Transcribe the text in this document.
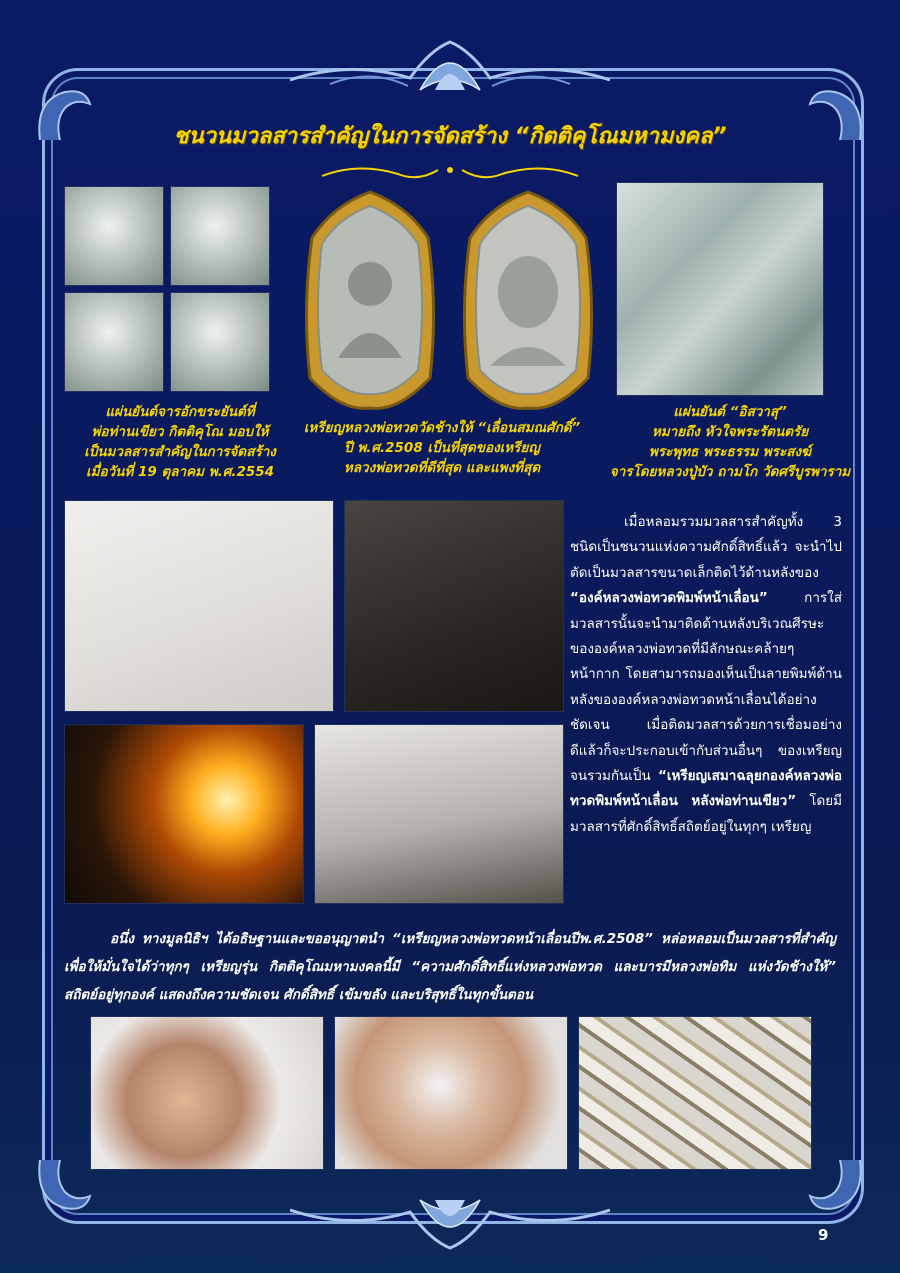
ชนวนมวลสารสำคัญในการจัดสร้าง “กิตติคุโณมหามงคล”
แผ่นยันต์จารอักขระยันต์ที่
พ่อท่านเขียว กิตติคุโณ มอบให้
เป็นมวลสารสำคัญในการจัดสร้าง
เมื่อวันที่ 19 ตุลาคม พ.ศ.2554
เหรียญหลวงพ่อทวดวัดช้างให้ “เลื่อนสมณศักดิ์”
ปี พ.ศ.2508 เป็นที่สุดของเหรียญ
หลวงพ่อทวดที่ดีที่สุด และแพงที่สุด
แผ่นยันต์ “อิสวาสุ”
หมายถึง หัวใจพระรัตนตรัย
พระพุทธ พระธรรม พระสงฆ์
จารโดยหลวงปู่บัว ถามโก วัดศรีบูรพาราม
เมื่อหลอมรวมมวลสารสำคัญทั้ง 3 ชนิดเป็นชนวนแห่งความศักดิ์สิทธิ์แล้ว จะนำไปตัดเป็นมวลสารขนาดเล็กติดไว้ด้านหลังของ “องค์หลวงพ่อทวดพิมพ์หน้าเลื่อน”	การใส่มวลสารนั้นจะนำมาติดด้านหลังบริเวณศีรษะขององค์หลวงพ่อทวดที่มีลักษณะคล้ายๆ หน้ากาก โดยสามารถมองเห็นเป็นลายพิมพ์ด้านหลังขององค์หลวงพ่อทวดหน้าเลื่อนได้อย่างชัดเจน เมื่อติดมวลสารด้วยการเชื่อมอย่างดีแล้วก็จะประกอบเข้ากับส่วนอื่นๆ ของเหรียญจนรวมกันเป็น “เหรียญเสมาฉลุยกองค์หลวงพ่อทวดพิมพ์หน้าเลื่อน หลังพ่อท่านเขียว” โดยมีมวลสารที่ศักดิ์สิทธิ์สถิตย์อยู่ในทุกๆ เหรียญ
อนึ่ง ทางมูลนิธิฯ ได้อธิษฐานและขออนุญาตนำ “เหรียญหลวงพ่อทวดหน้าเลื่อนปีพ.ศ.2508” หล่อหลอมเป็นมวลสารที่สำคัญเพื่อให้มั่นใจได้ว่าทุกๆ เหรียญรุ่น กิตติคุโณมหามงคลนี้มี “ความศักดิ์สิทธิ์แห่งหลวงพ่อทวด และบารมีหลวงพ่อทิม แห่งวัดช้างให้” สถิตย์อยู่ทุกองค์ แสดงถึงความชัดเจน ศักดิ์สิทธิ์ เข้มขลัง และบริสุทธิ์ในทุกขั้นตอน
9
